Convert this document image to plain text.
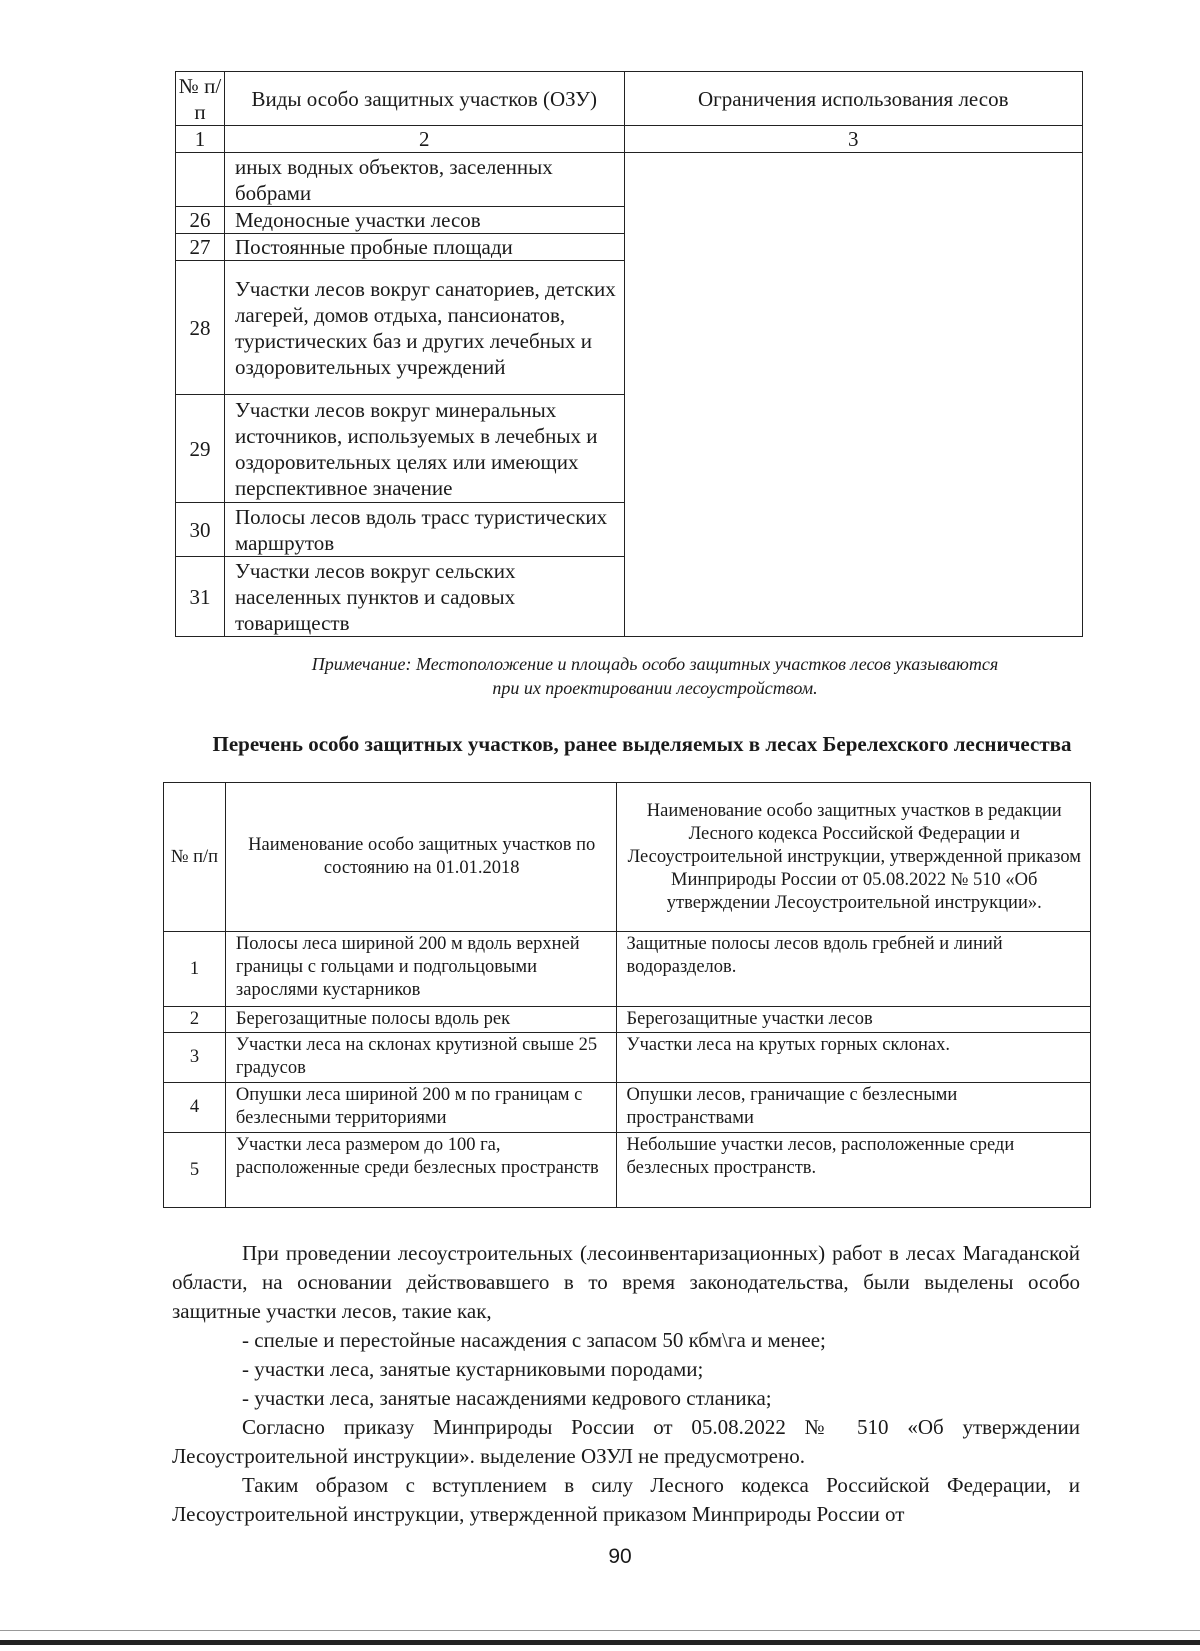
№ п/п	Виды особо защитных участков (ОЗУ)	Ограничения использования лесов
1	2	3
	иных водных объектов, заселенных бобрами	
26	Медоносные участки лесов	
27	Постоянные пробные площади	
28	Участки лесов вокруг санаториев, детских лагерей, домов отдыха, пансионатов, туристических баз и других лечебных и оздоровительных учреждений	
29	Участки лесов вокруг минеральных источников, используемых в лечебных и оздоровительных целях или имеющих перспективное значение	
30	Полосы лесов вдоль трасс туристических маршрутов	
31	Участки лесов вокруг сельских населенных пунктов и садовых товариществ	
Примечание: Местоположение и площадь особо защитных участков лесов указываются
при их проектировании лесоустройством.
Перечень особо защитных участков, ранее выделяемых в лесах Берелехского лесничества
№ п/п	Наименование особо защитных участков по состоянию на 01.01.2018	Наименование особо защитных участков в редакции Лесного кодекса Российской Федерации и Лесоустроительной инструкции, утвержденной приказом Минприроды России от 05.08.2022 № 510 «Об утверждении Лесоустроительной инструкции».
1	Полосы леса шириной 200 м вдоль верхней границы с гольцами и подгольцовыми зарослями кустарников	Защитные полосы лесов вдоль гребней и линий водоразделов.
2	Берегозащитные полосы вдоль рек	Берегозащитные участки лесов
3	Участки леса на склонах крутизной свыше 25 градусов	Участки леса на крутых горных склонах.
4	Опушки леса шириной 200 м по границам с безлесными территориями	Опушки лесов, граничащие с безлесными пространствами
5	Участки леса размером до 100 га, расположенные среди безлесных пространств	Небольшие участки лесов, расположенные среди безлесных пространств.

При проведении лесоустроительных (лесоинвентаризационных) работ в лесах Магаданской области, на основании действовавшего в то время законодательства, были выделены особо защитные участки лесов, такие как,

- спелые и перестойные насаждения с запасом 50 кбм\га и менее;

- участки леса, занятые кустарниковыми породами;

- участки леса, занятые насаждениями кедрового стланика;

Согласно приказу Минприроды России от 05.08.2022 № 510 «Об утверждении Лесоустроительной инструкции». выделение ОЗУЛ не предусмотрено.

Таким образом с вступлением в силу Лесного кодекса Российской Федерации, и Лесоустроительной инструкции, утвержденной приказом Минприроды России от

90
